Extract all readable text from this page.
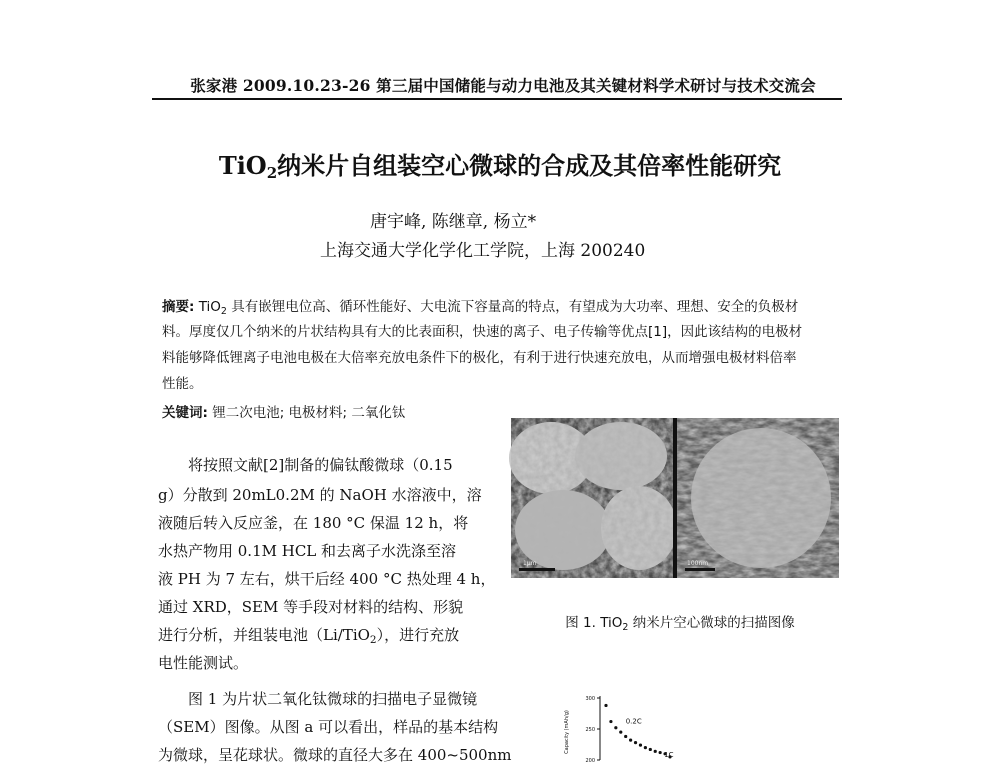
张家港 2009.10.23-26 第三届中国储能与动力电池及其关键材料学术研讨与技术交流会
TiO$_2$纳米片自组装空心微球的合成及其倍率性能研究
唐宇峰, 陈继章, 杨立*
上海交通大学化学化工学院，上海 200240
摘要: TiO$_2$ 具有嵌锂电位高、循环性能好、大电流下容量高的特点，有望成为大功率、理想、安全的负极材
料。厚度仅几个纳米的片状结构具有大的比表面积，快速的离子、电子传输等优点[1]，因此该结构的电极材
料能够降低锂离子电池电极在大倍率充放电条件下的极化，有利于进行快速充放电，从而增强电极材料倍率
性能。
关键词: 锂二次电池; 电极材料; 二氧化钛
将按照文献[2]制备的偏钛酸微球（0.15
g）分散到 20mL0.2M 的 NaOH 水溶液中，溶
液随后转入反应釜，在 180 °C 保温 12 h，将
水热产物用 0.1M HCL 和去离子水洗涤至溶
液 PH 为 7 左右，烘干后经 400 °C 热处理 4 h，
通过 XRD，SEM 等手段对材料的结构、形貌
进行分析，并组装电池（Li/TiO$_2$），进行充放
电性能测试。
图 1 为片状二氧化钛微球的扫描电子显微镜
（SEM）图像。从图 a 可以看出，样品的基本结构
为微球，呈花球状。微球的直径大多在 400~500nm
1μm	100nm
图 1. TiO$_2$ 纳米片空心微球的扫描图像
300
250
200
Capacity (mAh/g)	0.2C
1C
